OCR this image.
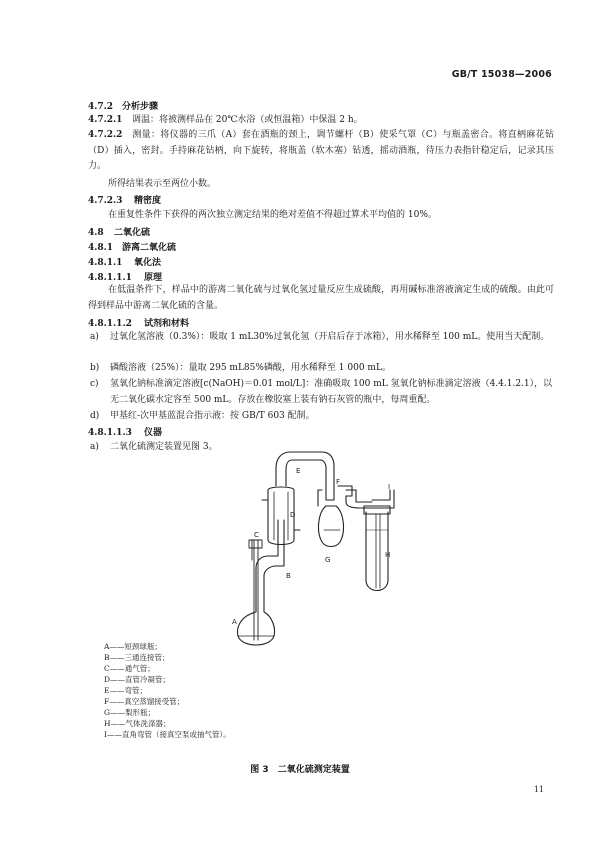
GB/T 15038—2006
4.7.2 分析步骤
4.7.2.1 调温：将被测样品在 20℃水浴（或恒温箱）中保温 2 h。
4.7.2.2 测量：将仪器的三爪（A）套在酒瓶的颈上，调节螺杆（B）使采气罩（C）与瓶盖密合。将直柄麻花钻（D）插入，密封。手持麻花钻柄，向下旋转，将瓶盖（软木塞）钻透，摇动酒瓶，待压力表指针稳定后，记录其压力。
所得结果表示至两位小数。
4.7.2.3 精密度
在重复性条件下获得的两次独立测定结果的绝对差值不得超过算术平均值的 10%。
4.8 二氧化硫
4.8.1 游离二氧化硫
4.8.1.1 氧化法
4.8.1.1.1 原理
在低温条件下，样品中的游离二氧化硫与过氧化氢过量反应生成硫酸，再用碱标准溶液滴定生成的硫酸。由此可得到样品中游离二氧化硫的含量。
4.8.1.1.2 试剂和材料
a) 过氧化氢溶液（0.3%）：吸取 1 mL30%过氧化氢（开启后存于冰箱），用水稀释至 100 mL。使用当天配制。
b) 磷酸溶液（25%）：量取 295 mL85%磷酸，用水稀释至 1 000 mL。
c) 氢氧化钠标准滴定溶液[c(NaOH)＝0.01 mol/L]：准确吸取 100 mL 氢氧化钠标准滴定溶液（4.4.1.2.1），以无二氧化碳水定容至 500 mL。存放在橡胶塞上装有钠石灰管的瓶中，每周重配。
d) 甲基红-次甲基蓝混合指示液：按 GB/T 603 配制。
4.8.1.1.3 仪器
a) 二氧化硫测定装置见图 3。
A
B
C
D
E
F
G
H
I
A——短颈球瓶；
B——三通连接管；
C——通气管；
D——直管冷凝管；
E——弯管；
F——真空蒸馏接受管；
G——梨形瓶；
H——气体洗涤器；
I——直角弯管（接真空泵或抽气管）。
图 3　二氧化硫测定装置
11
